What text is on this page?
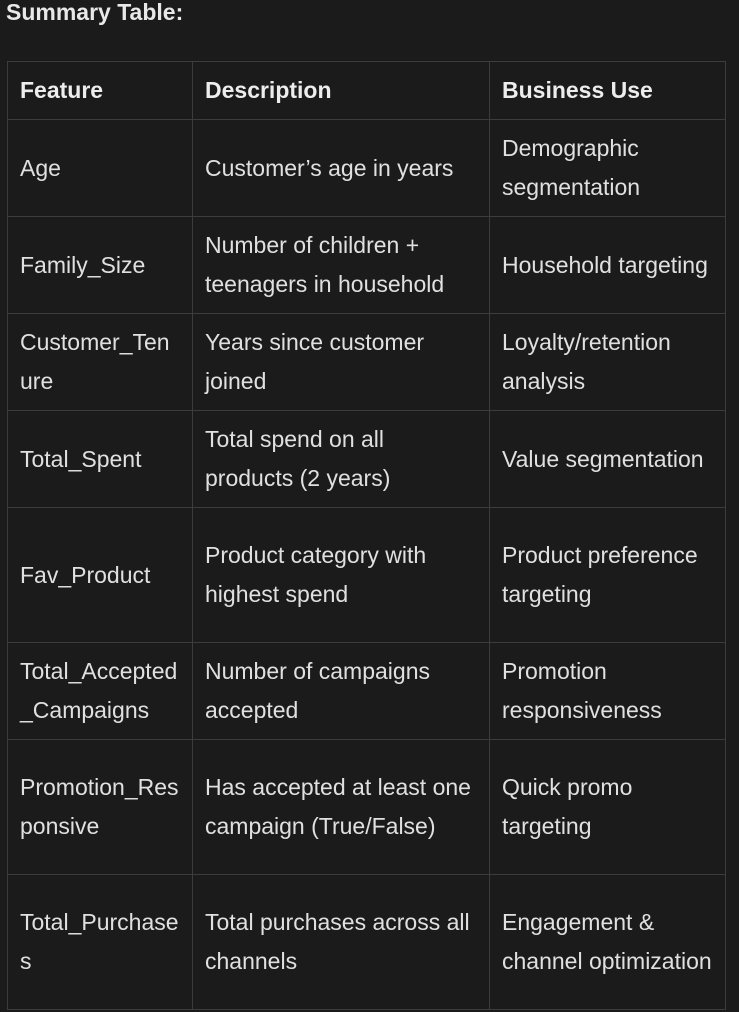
Summary Table:
Feature	Description	Business Use
Age	Customer’s age in years	Demographic segmentation
Family_Size	Number of children + teenagers in household	Household targeting
Customer_Tenure	Years since customer joined	Loyalty/retention analysis
Total_Spent	Total spend on all products (2 years)	Value segmentation
Fav_Product	Product category with highest spend	Product preference targeting
Total_Accepted_Campaigns	Number of campaigns accepted	Promotion responsiveness
Promotion_Responsive	Has accepted at least one campaign (True/False)	Quick promo targeting
Total_Purchases	Total purchases across all channels	Engagement & channel optimization
